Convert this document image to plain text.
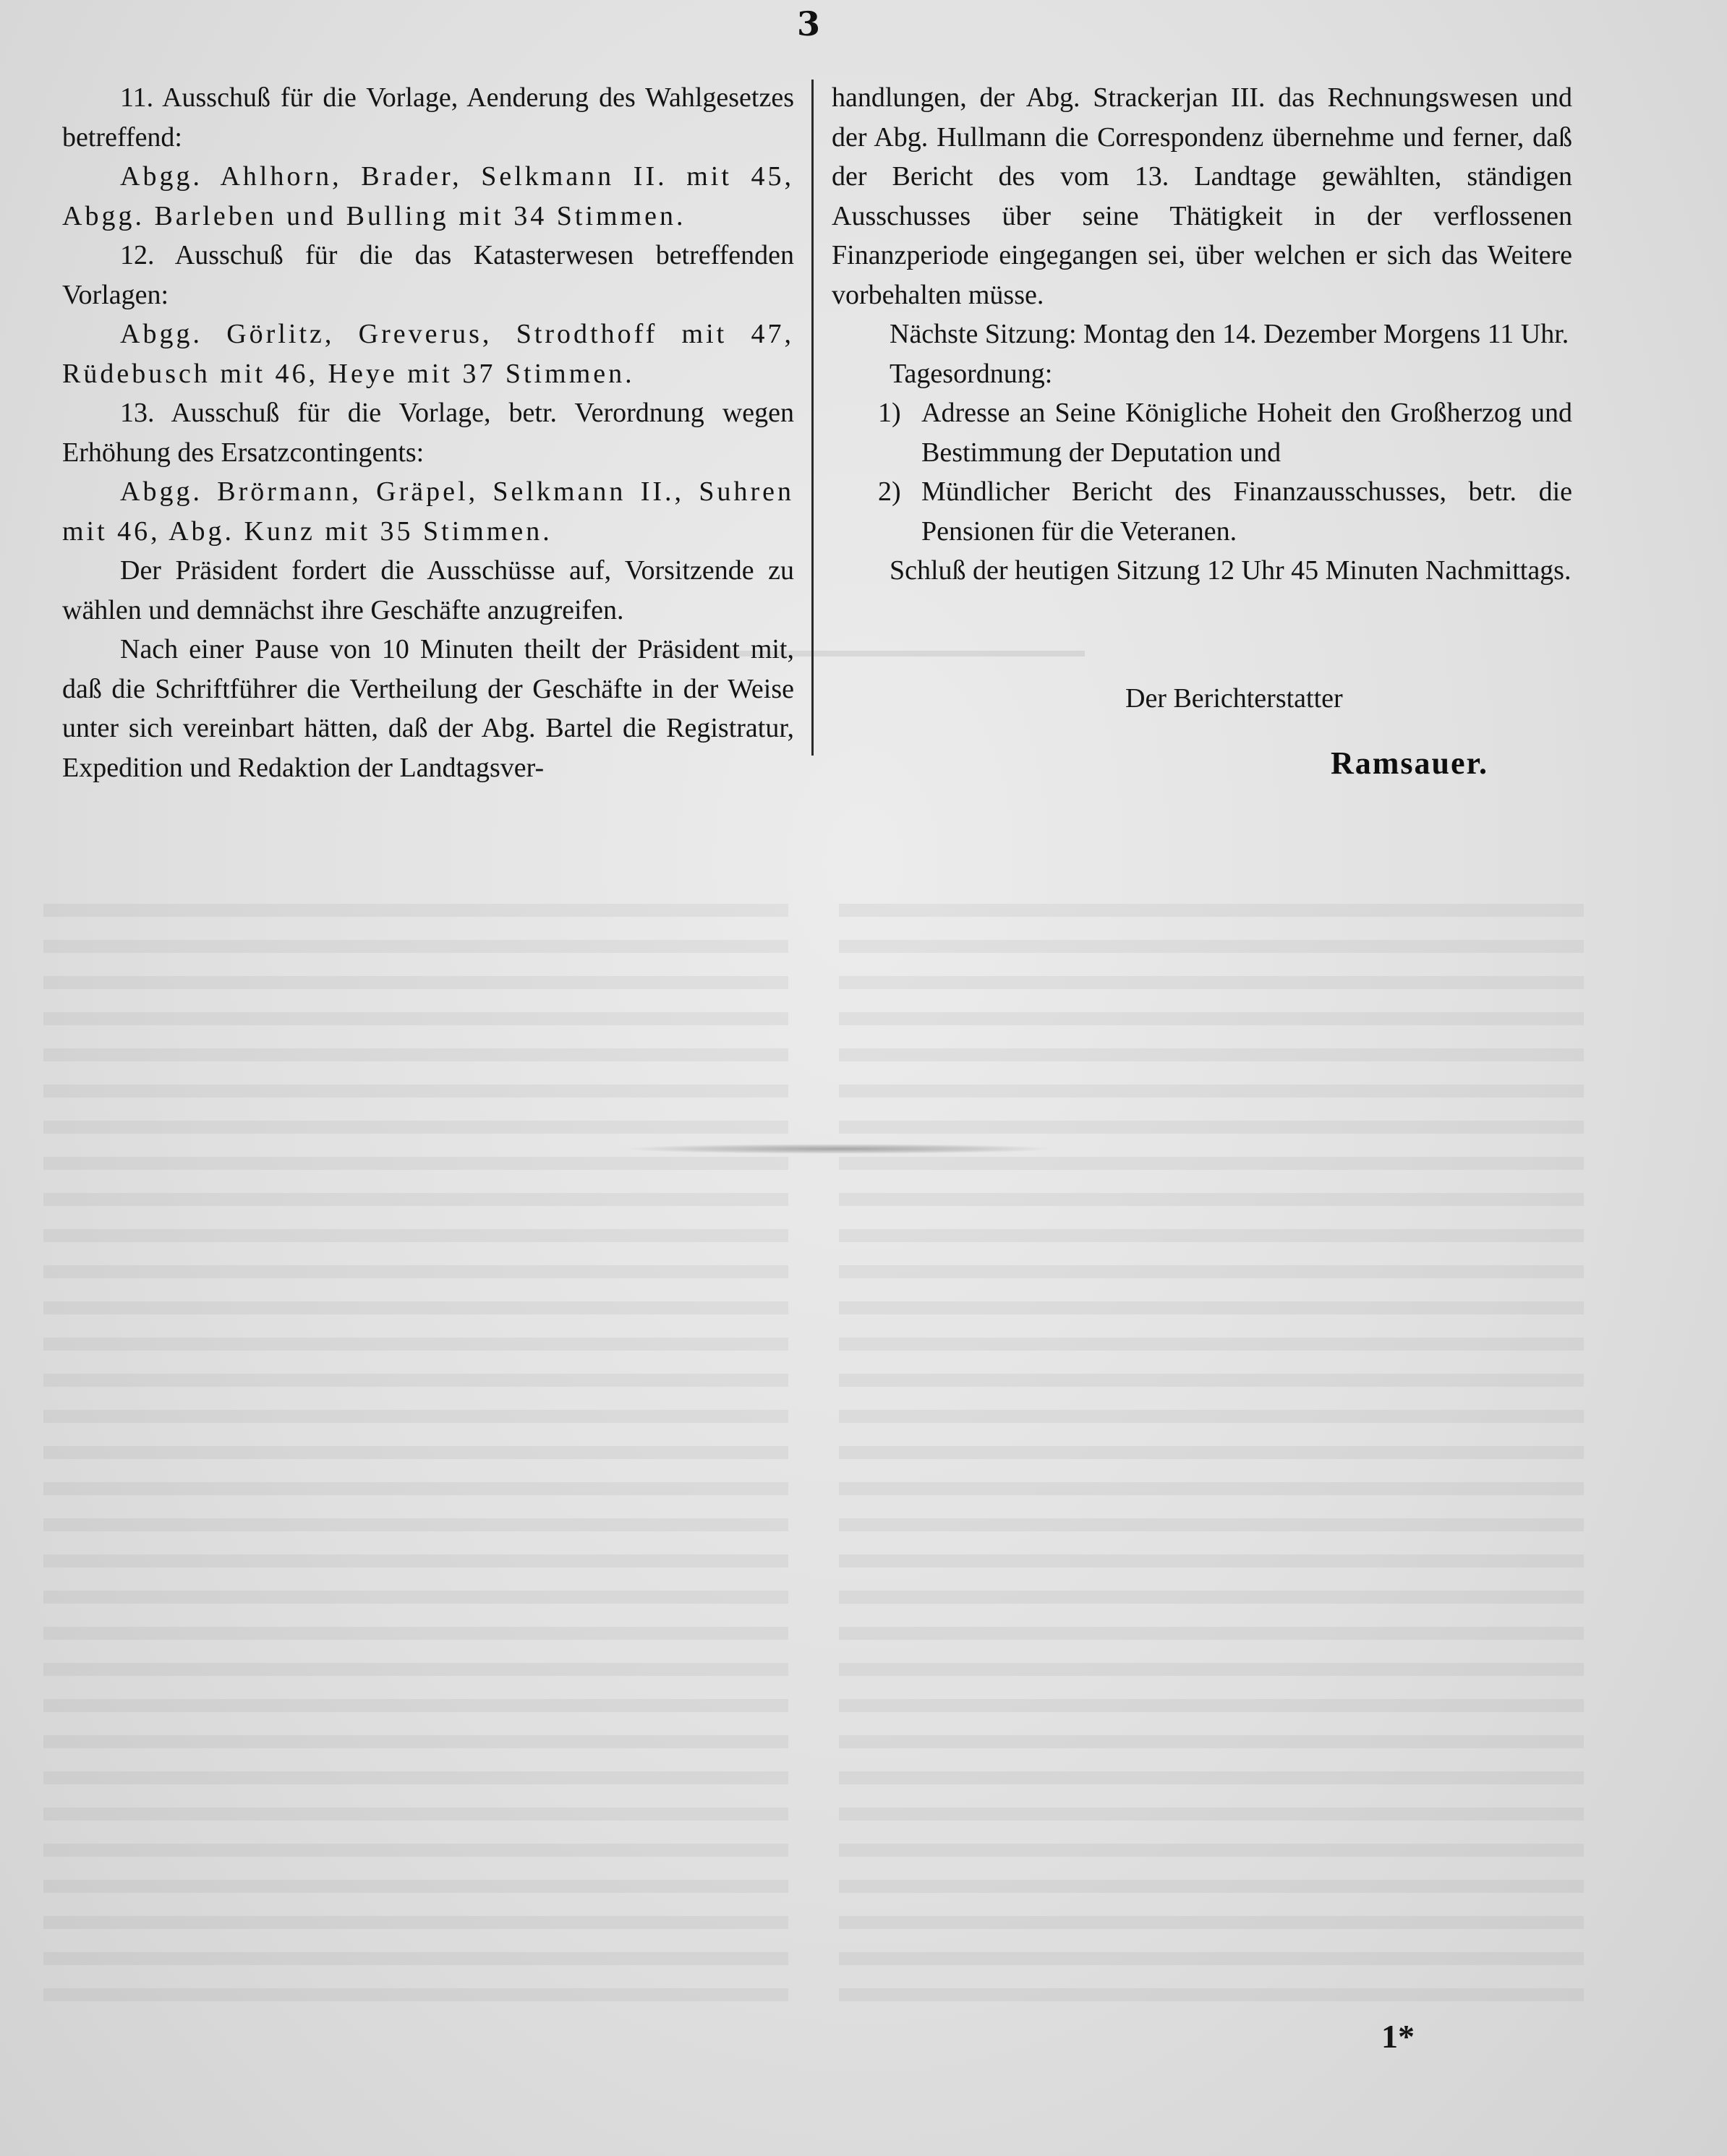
3

11. Ausschuß für die Vorlage, Aenderung des Wahlgesetzes betreffend:

Abgg. Ahlhorn, Brader, Selkmann II. mit 45, Abgg. Barleben und Bulling mit 34 Stimmen.

12. Ausschuß für die das Katasterwesen betreffenden Vorlagen:

Abgg. Görlitz, Greverus, Strodthoff mit 47, Rüdebusch mit 46, Heye mit 37 Stimmen.

13. Ausschuß für die Vorlage, betr. Verordnung wegen Erhöhung des Ersatzcontingents:

Abgg. Brörmann, Gräpel, Selkmann II., Suhren mit 46, Abg. Kunz mit 35 Stimmen.

Der Präsident fordert die Ausschüsse auf, Vorsitzende zu wählen und demnächst ihre Geschäfte anzugreifen.

Nach einer Pause von 10 Minuten theilt der Präsident mit, daß die Schriftführer die Vertheilung der Geschäfte in der Weise unter sich vereinbart hätten, daß der Abg. Bartel die Registratur, Expedition und Redaktion der Landtagsver-

handlungen, der Abg. Strackerjan III. das Rechnungswesen und der Abg. Hullmann die Correspondenz übernehme und ferner, daß der Bericht des vom 13. Landtage gewählten, ständigen Ausschusses über seine Thätigkeit in der verflossenen Finanzperiode eingegangen sei, über welchen er sich das Weitere vorbehalten müsse.

Nächste Sitzung: Montag den 14. Dezember Morgens 11 Uhr.

Tagesordnung:

1) Adresse an Seine Königliche Hoheit den Großherzog und Bestimmung der Deputation und
2) Mündlicher Bericht des Finanzausschusses, betr. die Pensionen für die Veteranen.

Schluß der heutigen Sitzung 12 Uhr 45 Minuten Nachmittags.

Der Berichterstatter
Ramsauer.
1*
